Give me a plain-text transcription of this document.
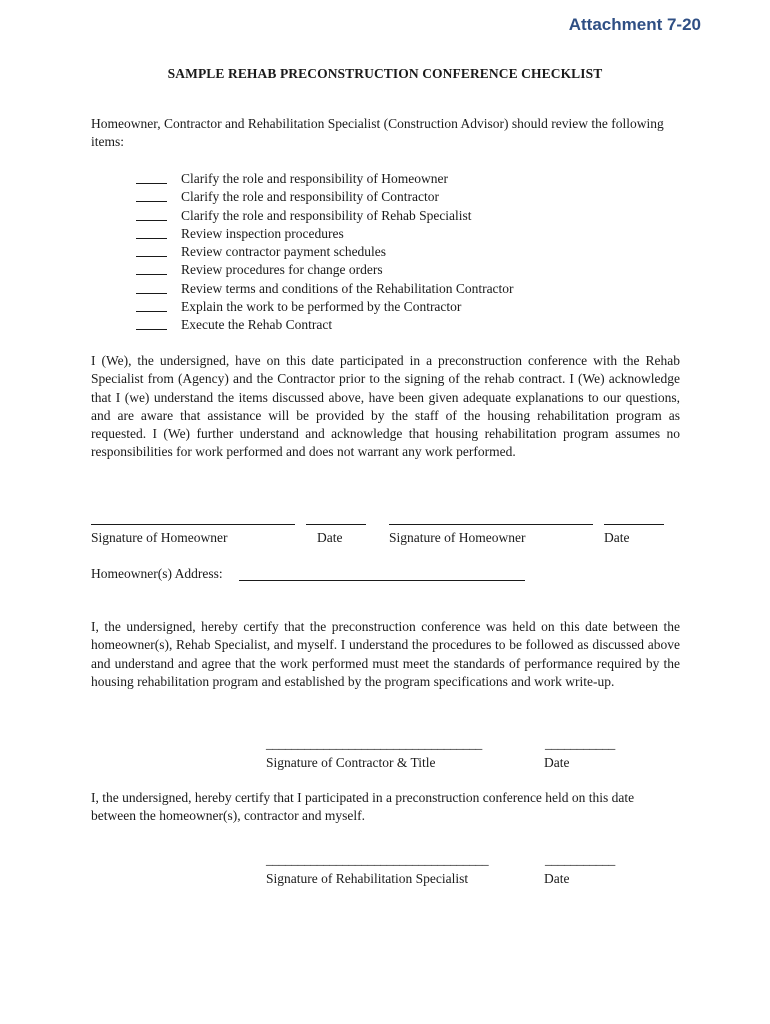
Attachment 7-20
SAMPLE REHAB PRECONSTRUCTION CONFERENCE CHECKLIST
Homeowner, Contractor and Rehabilitation Specialist (Construction Advisor) should review the following items:
Clarify the role and responsibility of Homeowner
Clarify the role and responsibility of Contractor
Clarify the role and responsibility of Rehab Specialist
Review inspection procedures
Review contractor payment schedules
Review procedures for change orders
Review terms and conditions of the Rehabilitation Contractor
Explain the work to be performed by the Contractor
Execute the Rehab Contract
I (We), the undersigned, have on this date participated in a preconstruction conference with the Rehab Specialist from (Agency) and the Contractor prior to the signing of the rehab contract. I (We) acknowledge that I (we) understand the items discussed above, have been given adequate explanations to our questions, and are aware that assistance will be provided by the staff of the housing rehabilitation program as requested. I (We) further understand and acknowledge that housing rehabilitation program assumes no responsibilities for work performed and does not warrant any work performed.
Signature of Homeowner	Date	Signature of Homeowner	Date
Homeowner(s) Address:
I, the undersigned, hereby certify that the preconstruction conference was held on this date between the homeowner(s), Rehab Specialist, and myself. I understand the procedures to be followed as discussed above and understand and agree that the work performed must meet the standards of performance required by the housing rehabilitation program and established by the program specifications and work write-up.
__________________________________	___________
Signature of Contractor & Title	Date
I, the undersigned, hereby certify that I participated in a preconstruction conference held on this date between the homeowner(s), contractor and myself.
___________________________________	___________
Signature of Rehabilitation Specialist	Date
